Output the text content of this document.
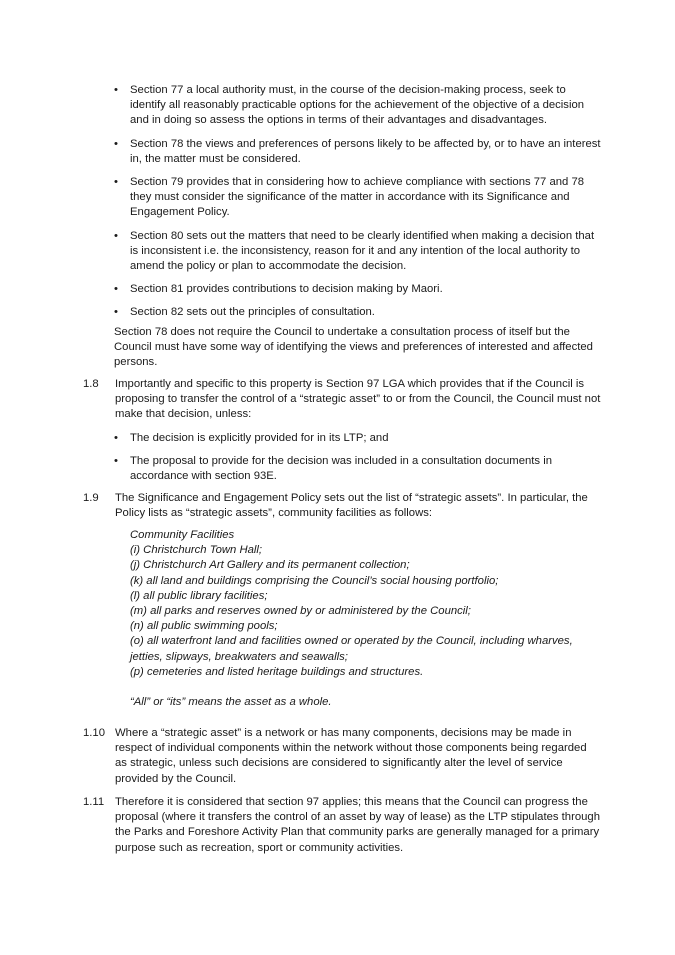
• Section 77 a local authority must, in the course of the decision-making process, seek to identify all reasonably practicable options for the achievement of the objective of a decision and in doing so assess the options in terms of their advantages and disadvantages.
• Section 78 the views and preferences of persons likely to be affected by, or to have an interest in, the matter must be considered.
• Section 79 provides that in considering how to achieve compliance with sections 77 and 78 they must consider the significance of the matter in accordance with its Significance and Engagement Policy.
• Section 80 sets out the matters that need to be clearly identified when making a decision that is inconsistent i.e. the inconsistency, reason for it and any intention of the local authority to amend the policy or plan to accommodate the decision.
• Section 81 provides contributions to decision making by Maori.
• Section 82 sets out the principles of consultation.

Section 78 does not require the Council to undertake a consultation process of itself but the Council must have some way of identifying the views and preferences of interested and affected persons.

1.8	Importantly and specific to this property is Section 97 LGA which provides that if the Council is proposing to transfer the control of a “strategic asset” to or from the Council, the Council must not make that decision, unless:

• The decision is explicitly provided for in its LTP; and
• The proposal to provide for the decision was included in a consultation documents in accordance with section 93E.
1.9	The Significance and Engagement Policy sets out the list of “strategic assets”. In particular, the Policy lists as “strategic assets”, community facilities as follows:

Community Facilities
(i) Christchurch Town Hall;
(j) Christchurch Art Gallery and its permanent collection;
(k) all land and buildings comprising the Council’s social housing portfolio;
(l) all public library facilities;
(m) all parks and reserves owned by or administered by the Council;
(n) all public swimming pools;
(o) all waterfront land and facilities owned or operated by the Council, including wharves, jetties, slipways, breakwaters and seawalls;
(p) cemeteries and listed heritage buildings and structures.
“All” or “its” means the asset as a whole.
1.10 Where a “strategic asset” is a network or has many components, decisions may be made in respect of individual components within the network without those components being regarded as strategic, unless such decisions are considered to significantly alter the level of service provided by the Council.

1.11 Therefore it is considered that section 97 applies; this means that the Council can progress the proposal (where it transfers the control of an asset by way of lease) as the LTP stipulates through the Parks and Foreshore Activity Plan that community parks are generally managed for a primary purpose such as recreation, sport or community activities.
